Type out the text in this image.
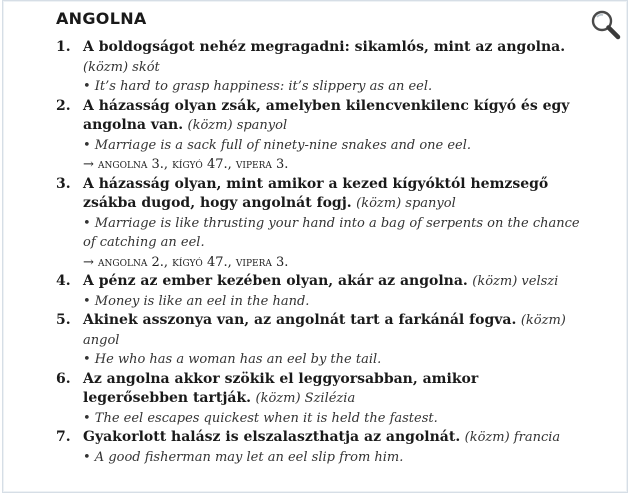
ANGOLNA
1. A boldogságot nehéz megragadni: sikamlós, mint az angolna. (közm) skót
• It’s hard to grasp happiness: it’s slippery as an eel.
2. A házasság olyan zsák, amelyben kilencvenkilenc kígyó és egy angolna van. (közm) spanyol
• Marriage is a sack full of ninety-nine snakes and one eel.
→ angolna 3., kígyó 47., vipera 3.
3. A házasság olyan, mint amikor a kezed kígyóktól hemzsegő zsákba dugod, hogy angolnát fogj. (közm) spanyol
• Marriage is like thrusting your hand into a bag of serpents on the chance of catching an eel.
→ angolna 2., kígyó 47., vipera 3.
4. A pénz az ember kezében olyan, akár az angolna. (közm) velszi
• Money is like an eel in the hand.
5. Akinek asszonya van, az angolnát tart a farkánál fogva. (közm) angol
• He who has a woman has an eel by the tail.
6. Az angolna akkor szökik el leggyorsabban, amikor legerősebben tartják. (közm) Szilézia
• The eel escapes quickest when it is held the fastest.
7. Gyakorlott halász is elszalaszthatja az angolnát. (közm) francia
• A good fisherman may let an eel slip from him.
